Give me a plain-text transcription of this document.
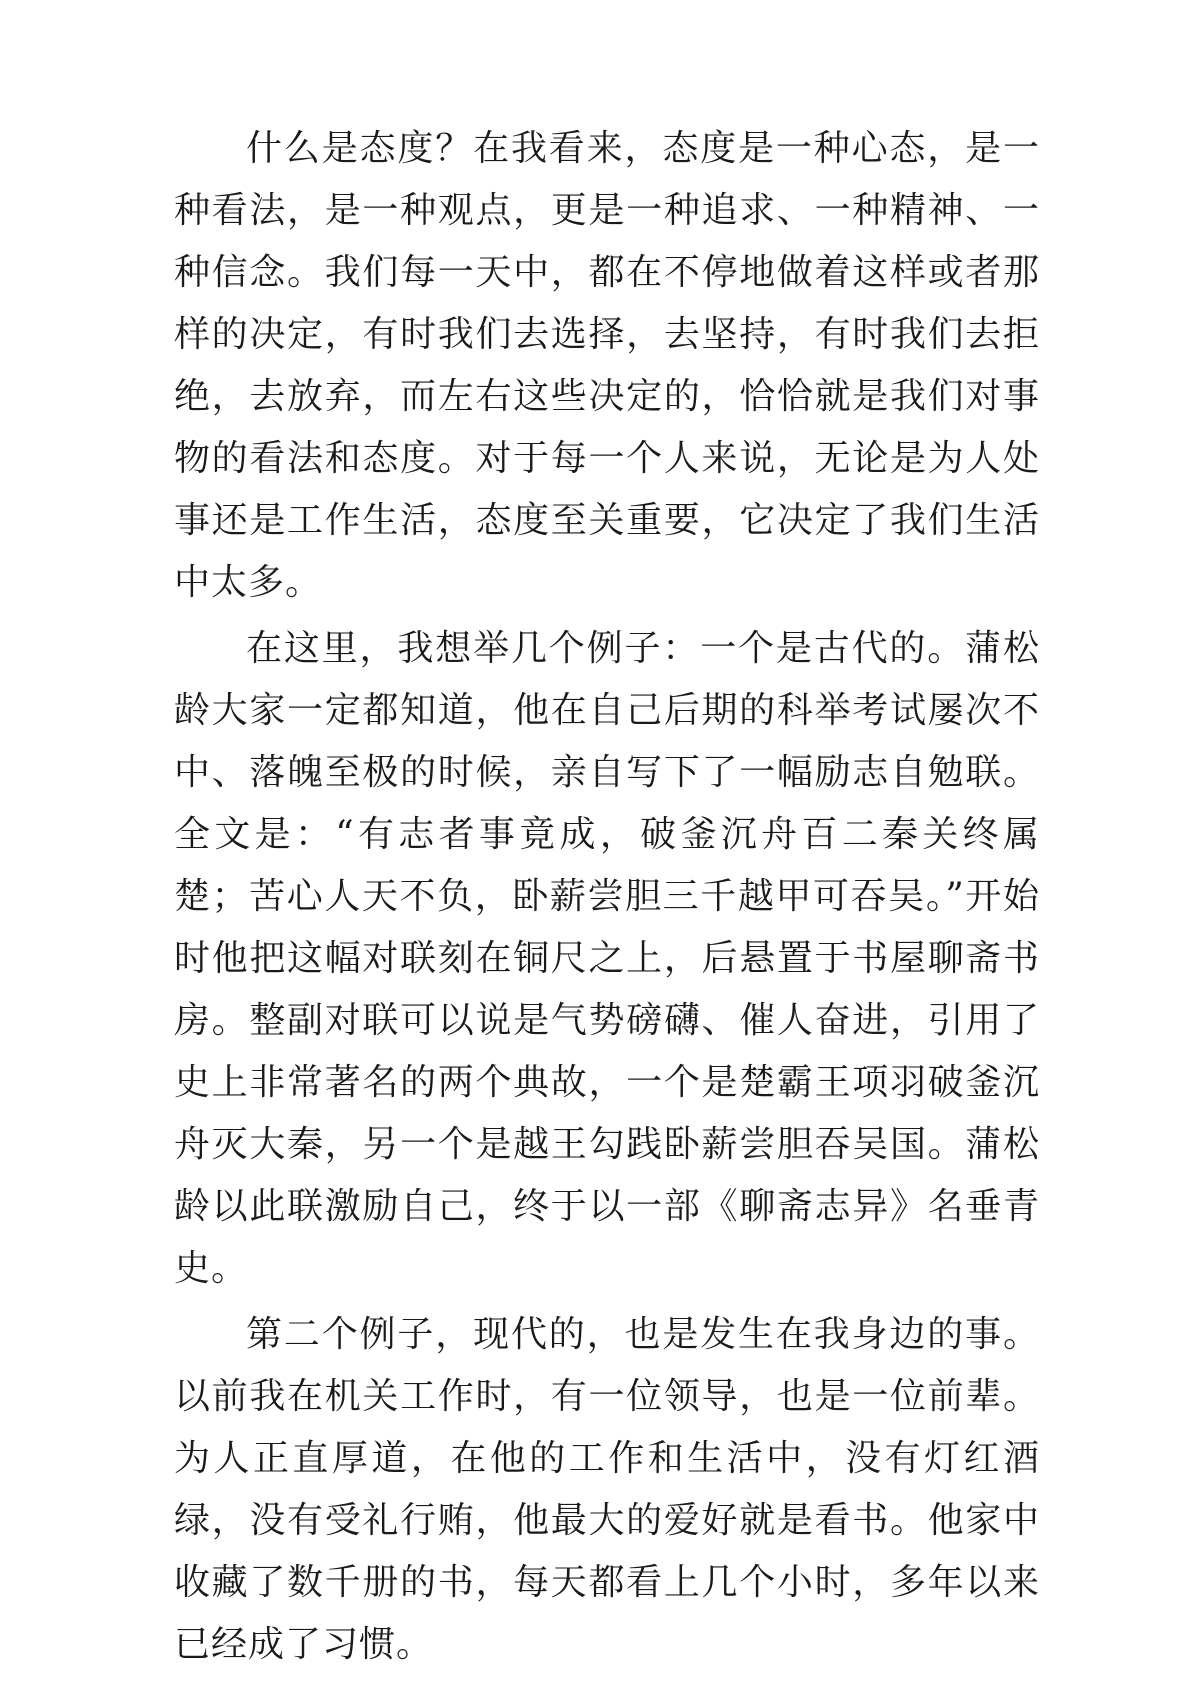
什么是态度？在我看来，态度是一种心态，是一种看法，是一种观点，更是一种追求、一种精神、一种信念。我们每一天中，都在不停地做着这样或者那样的决定，有时我们去选择，去坚持，有时我们去拒绝，去放弃，而左右这些决定的，恰恰就是我们对事物的看法和态度。对于每一个人来说，无论是为人处事还是工作生活，态度至关重要，它决定了我们生活中太多。

在这里，我想举几个例子：一个是古代的。蒲松龄大家一定都知道，他在自己后期的科举考试屡次不中、落魄至极的时候，亲自写下了一幅励志自勉联。全文是：“有志者事竟成，破釜沉舟百二秦关终属楚；苦心人天不负，卧薪尝胆三千越甲可吞吴。”开始时他把这幅对联刻在铜尺之上，后悬置于书屋聊斋书房。整副对联可以说是气势磅礴、催人奋进，引用了史上非常著名的两个典故，一个是楚霸王项羽破釜沉舟灭大秦，另一个是越王勾践卧薪尝胆吞吴国。蒲松龄以此联激励自己，终于以一部《聊斋志异》名垂青史。

第二个例子，现代的，也是发生在我身边的事。以前我在机关工作时，有一位领导，也是一位前辈。为人正直厚道，在他的工作和生活中，没有灯红酒绿，没有受礼行贿，他最大的爱好就是看书。他家中收藏了数千册的书，每天都看上几个小时，多年以来已经成了习惯。
